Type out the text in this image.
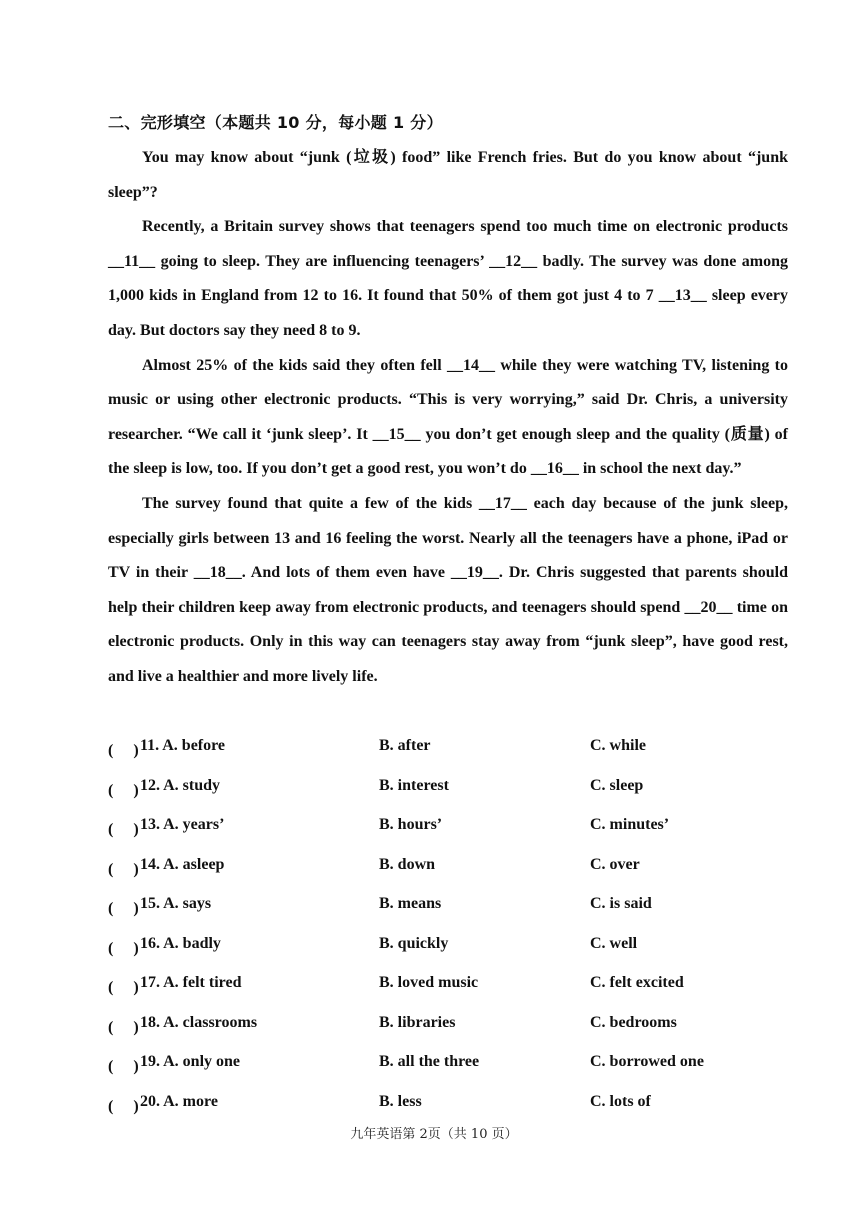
二、完形填空（本题共 10 分，每小题 1 分）

You may know about “junk (垃圾) food” like French fries. But do you know about “junk sleep”?

Recently, a Britain survey shows that teenagers spend too much time on electronic products __11__ going to sleep. They are influencing teenagers’ __12__ badly. The survey was done among 1,000 kids in England from 12 to 16. It found that 50% of them got just 4 to 7 __13__ sleep every day. But doctors say they need 8 to 9.

Almost 25% of the kids said they often fell __14__ while they were watching TV, listening to music or using other electronic products. “This is very worrying,” said Dr. Chris, a university researcher. “We call it ‘junk sleep’. It __15__ you don’t get enough sleep and the quality (质量) of the sleep is low, too. If you don’t get a good rest, you won’t do __16__ in school the next day.”

The survey found that quite a few of the kids __17__ each day because of the junk sleep, especially girls between 13 and 16 feeling the worst. Nearly all the teenagers have a phone, iPad or TV in their __18__. And lots of them even have __19__. Dr. Chris suggested that parents should help their children keep away from electronic products, and teenagers should spend __20__ time on electronic products. Only in this way can teenagers stay away from “junk sleep”, have good rest, and live a healthier and more lively life.

(　 ) 11. A. before	B. after	C. while
(　 ) 12. A. study	B. interest	C. sleep
(　 ) 13. A. years’	B. hours’	C. minutes’
(　 ) 14. A. asleep	B. down	C. over
(　 ) 15. A. says	B. means	C. is said
(　 ) 16. A. badly	B. quickly	C. well
(　 ) 17. A. felt tired	B. loved music	C. felt excited
(　 ) 18. A. classrooms	B. libraries	C. bedrooms
(　 ) 19. A. only one	B. all the three	C. borrowed one
(　 ) 20. A. more	B. less	C. lots of
九年英语第 2页（共 10 页）
